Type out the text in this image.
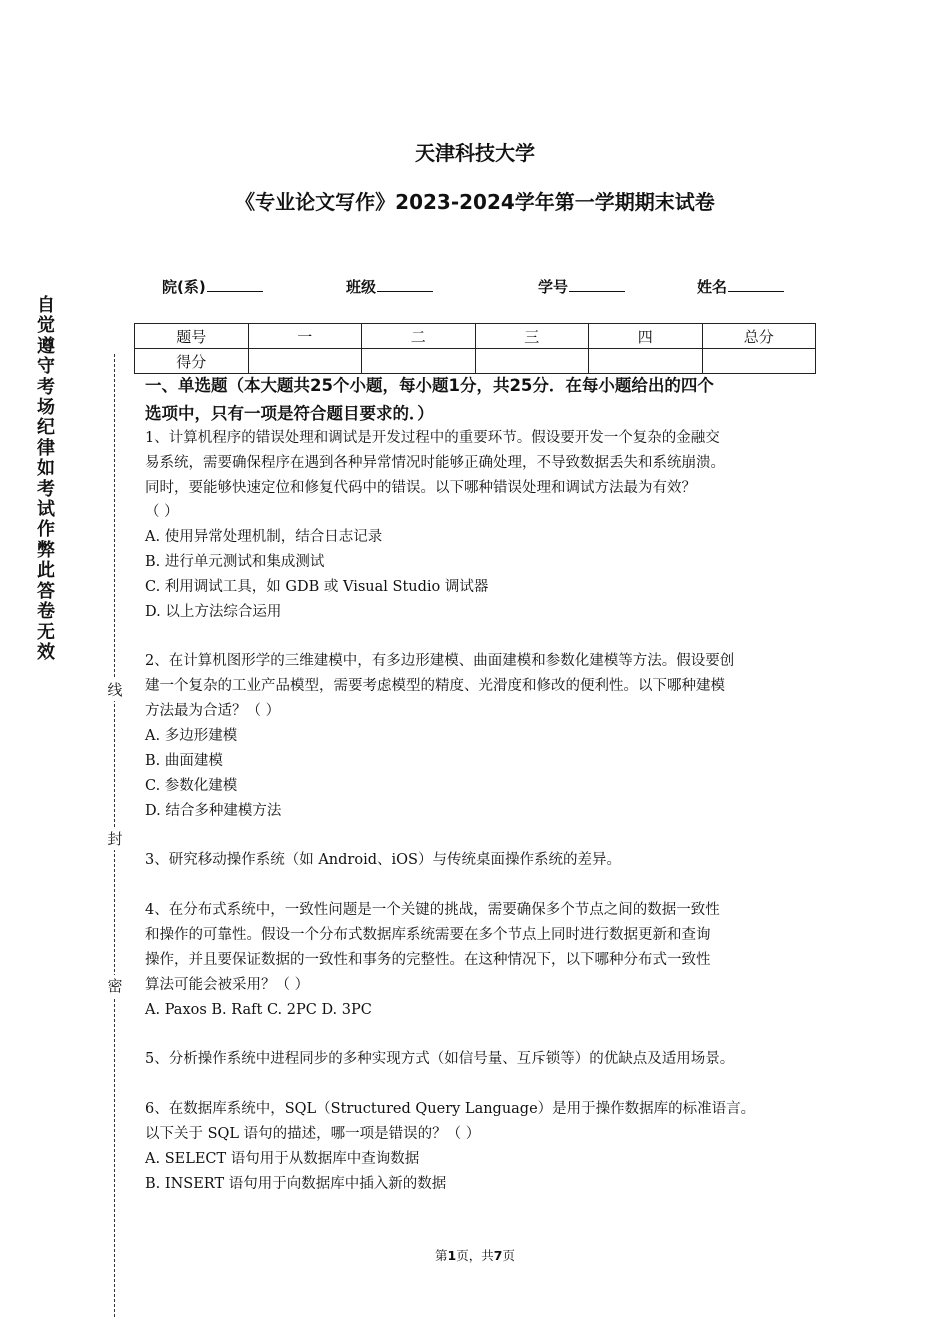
天津科技大学
《专业论文写作》2023-2024学年第一学期期末试卷
院(系)	班级	学号	姓名
题号	一	二	三	四	总分
得分					
自觉遵守考场纪律如考试作弊此答卷无效
线
封
密
一、单选题（本大题共25个小题，每小题1分，共25分．在每小题给出的四个
选项中，只有一项是符合题目要求的．）

1、计算机程序的错误处理和调试是开发过程中的重要环节。假设要开发一个复杂的金融交

易系统，需要确保程序在遇到各种异常情况时能够正确处理，不导致数据丢失和系统崩溃。

同时，要能够快速定位和修复代码中的错误。以下哪种错误处理和调试方法最为有效？

（ ）

A. 使用异常处理机制，结合日志记录

B. 进行单元测试和集成测试

C. 利用调试工具，如 GDB 或 Visual Studio 调试器

D. 以上方法综合运用

2、在计算机图形学的三维建模中，有多边形建模、曲面建模和参数化建模等方法。假设要创

建一个复杂的工业产品模型，需要考虑模型的精度、光滑度和修改的便利性。以下哪种建模

方法最为合适？（ ）

A. 多边形建模

B. 曲面建模

C. 参数化建模

D. 结合多种建模方法

3、研究移动操作系统（如 Android、iOS）与传统桌面操作系统的差异。

4、在分布式系统中，一致性问题是一个关键的挑战，需要确保多个节点之间的数据一致性

和操作的可靠性。假设一个分布式数据库系统需要在多个节点上同时进行数据更新和查询

操作，并且要保证数据的一致性和事务的完整性。在这种情况下，以下哪种分布式一致性

算法可能会被采用？（ ）

A. Paxos B. Raft C. 2PC D. 3PC

5、分析操作系统中进程同步的多种实现方式（如信号量、互斥锁等）的优缺点及适用场景。

6、在数据库系统中，SQL（Structured Query Language）是用于操作数据库的标准语言。

以下关于 SQL 语句的描述，哪一项是错误的？（ ）

A. SELECT 语句用于从数据库中查询数据

B. INSERT 语句用于向数据库中插入新的数据

第1页，共7页
